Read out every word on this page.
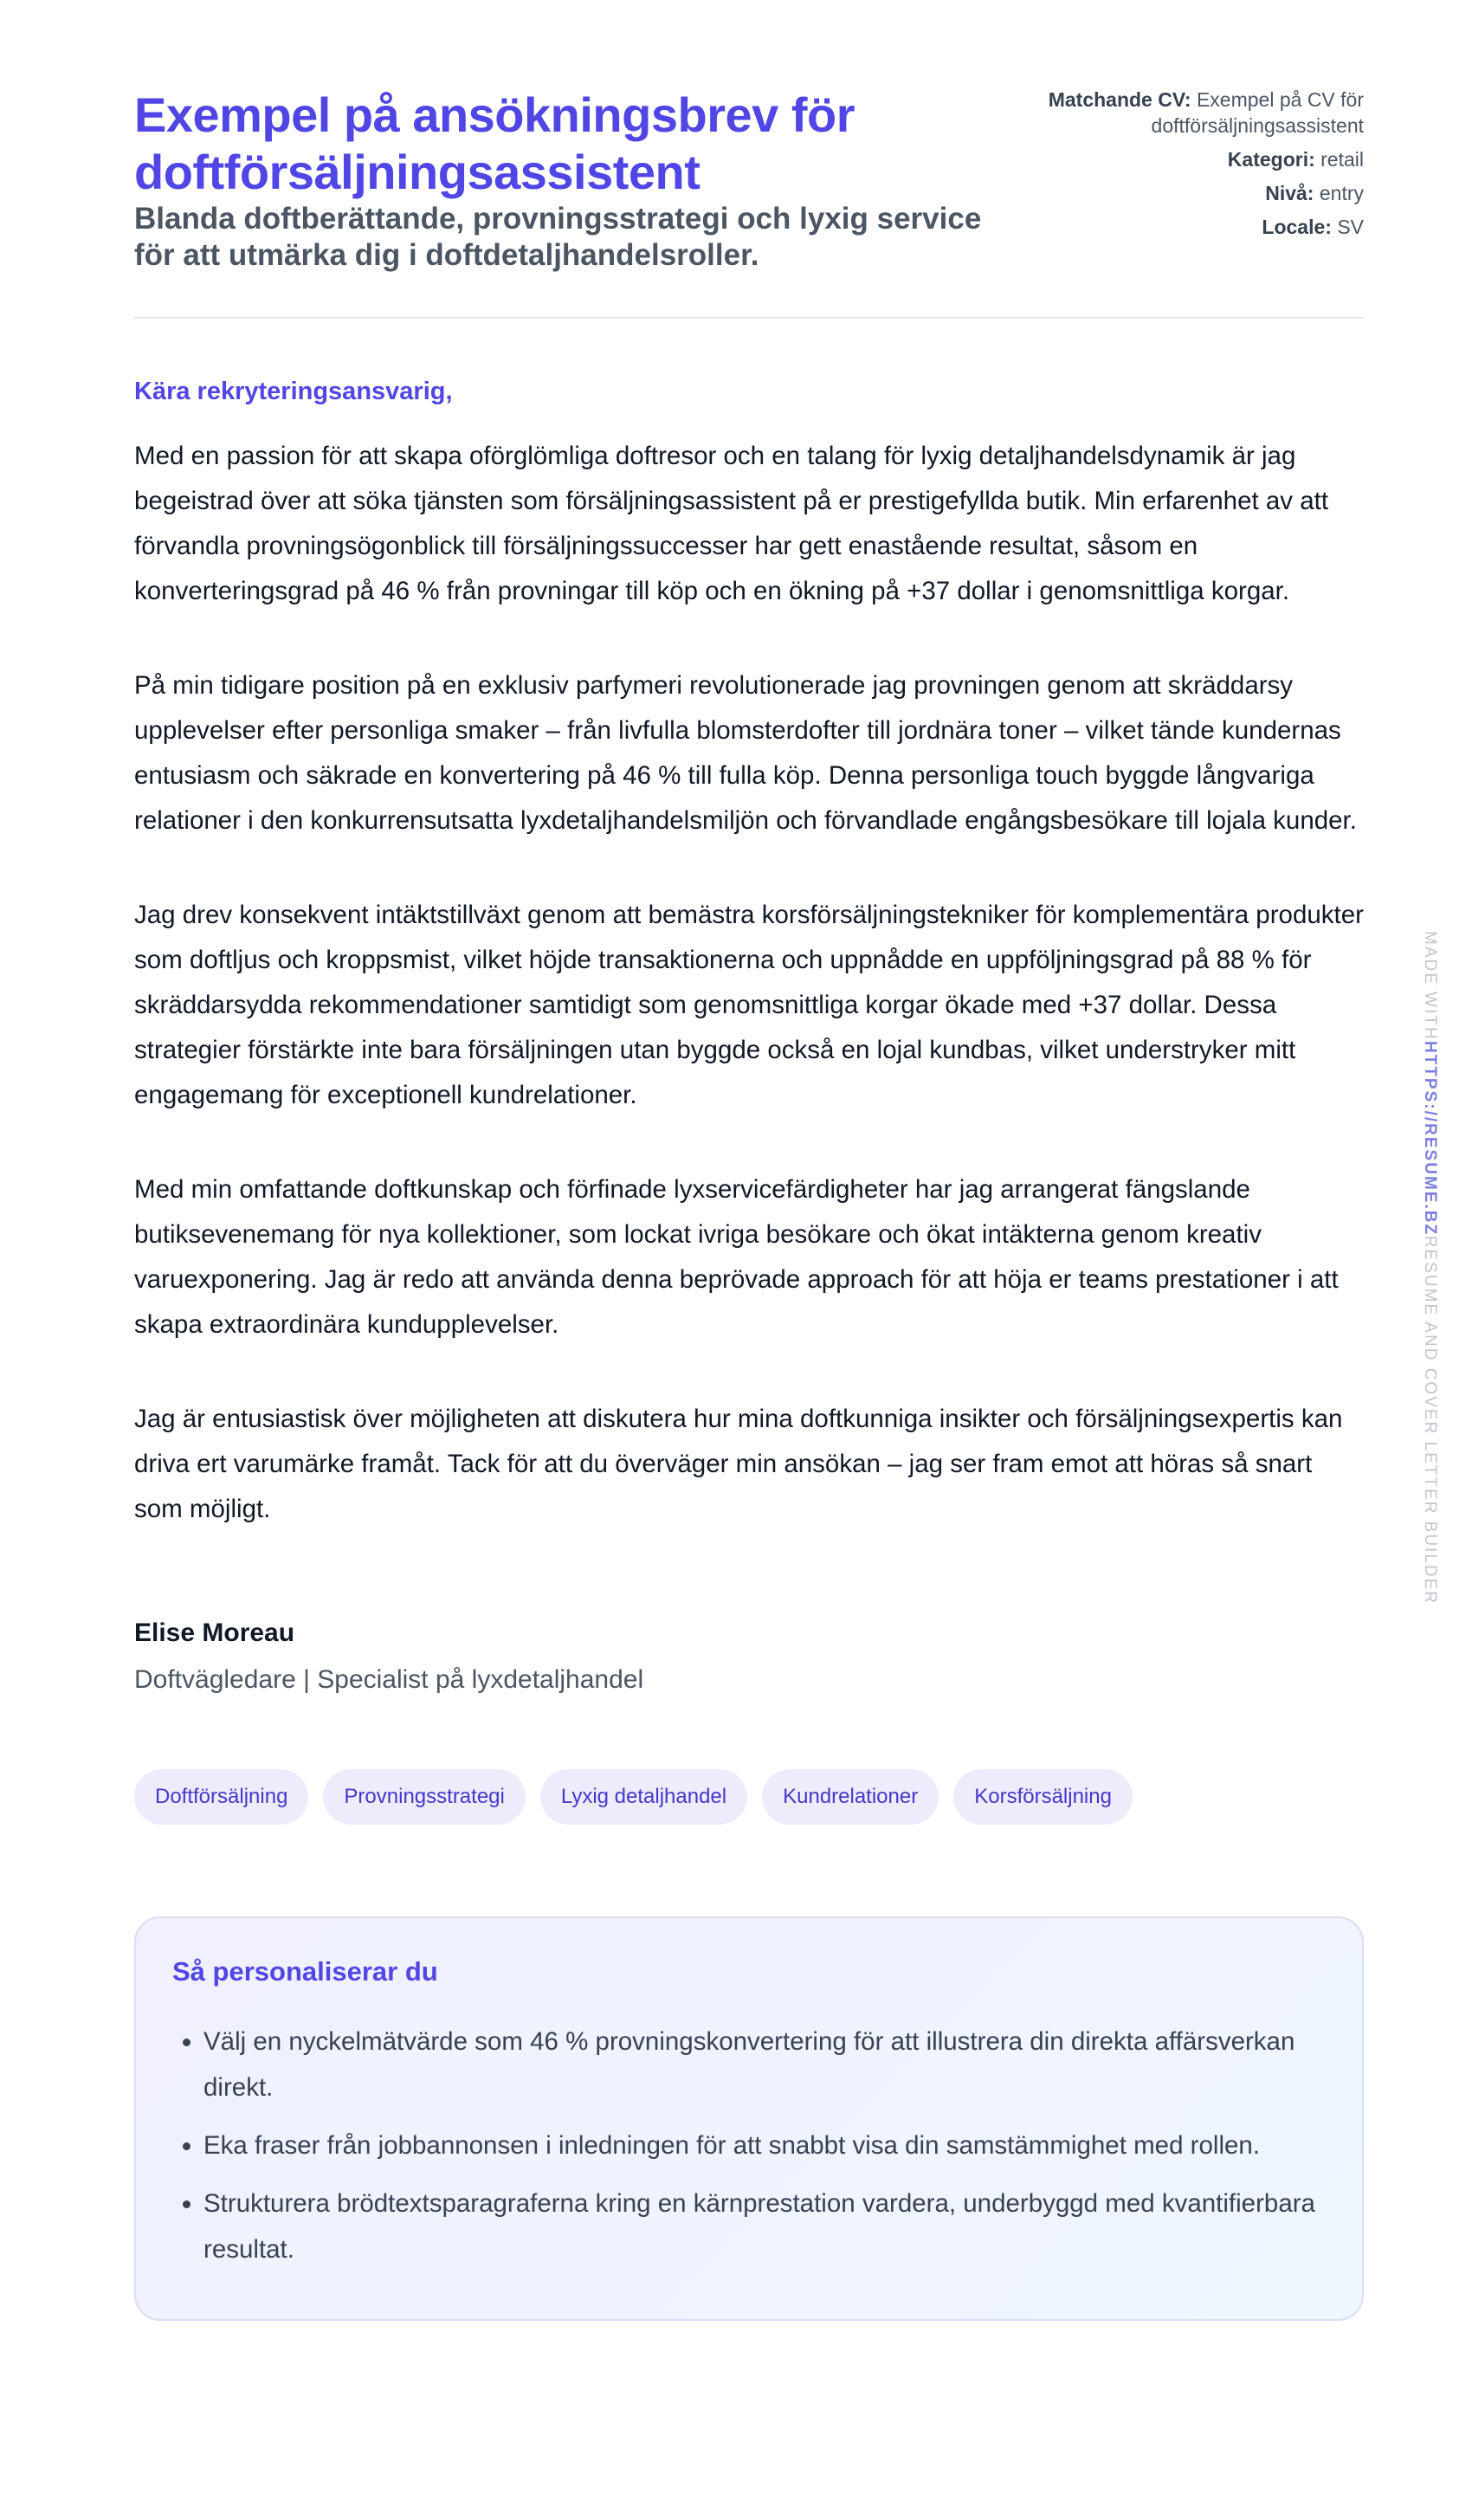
Exempel på ansökningsbrev för doftförsäljningsassistent

Blanda doftberättande, provningsstrategi och lyxig service för att utmärka dig i doftdetaljhandelsroller.

Matchande CV: Exempel på CV för doftförsäljningsassistent
Kategori: retail
Nivå: entry
Locale: SV
Kära rekryteringsansvarig,

Med en passion för att skapa oförglömliga doftresor och en talang för lyxig detaljhandelsdynamik är jag begeistrad över att söka tjänsten som försäljningsassistent på er prestigefyllda butik. Min erfarenhet av att förvandla provningsögonblick till försäljningssuccesser har gett enastående resultat, såsom en konverteringsgrad på 46 % från provningar till köp och en ökning på +37 dollar i genomsnittliga korgar.

På min tidigare position på en exklusiv parfymeri revolutionerade jag provningen genom att skräddarsy upplevelser efter personliga smaker – från livfulla blomsterdofter till jordnära toner – vilket tände kundernas entusiasm och säkrade en konvertering på 46 % till fulla köp. Denna personliga touch byggde långvariga relationer i den konkurrensutsatta lyxdetaljhandelsmiljön och förvandlade engångsbesökare till lojala kunder.

Jag drev konsekvent intäktstillväxt genom att bemästra korsförsäljningstekniker för komplementära produkter som doftljus och kroppsmist, vilket höjde transaktionerna och uppnådde en uppföljningsgrad på 88 % för skräddarsydda rekommendationer samtidigt som genomsnittliga korgar ökade med +37 dollar. Dessa strategier förstärkte inte bara försäljningen utan byggde också en lojal kundbas, vilket understryker mitt engagemang för exceptionell kundrelationer.

Med min omfattande doftkunskap och förfinade lyxservicefärdigheter har jag arrangerat fängslande butiksevenemang för nya kollektioner, som lockat ivriga besökare och ökat intäkterna genom kreativ varuexponering. Jag är redo att använda denna beprövade approach för att höja er teams prestationer i att skapa extraordinära kundupplevelser.

Jag är entusiastisk över möjligheten att diskutera hur mina doftkunniga insikter och försäljningsexpertis kan driva ert varumärke framåt. Tack för att du överväger min ansökan – jag ser fram emot att höras så snart som möjligt.

Elise Moreau
Doftvägledare | Specialist på lyxdetaljhandel
Doftförsäljning	Provningsstrategi	Lyxig detaljhandel	Kundrelationer	Korsförsäljning
Så personaliserar du
• Välj en nyckelmätvärde som 46 % provningskonvertering för att illustrera din direkta affärsverkan direkt.
• Eka fraser från jobbannonsen i inledningen för att snabbt visa din samstämmighet med rollen.
• Strukturera brödtextsparagraferna kring en kärnprestation vardera, underbyggd med kvantifierbara resultat.
MADE WITHHTTPS://RESUME.BZRESUME AND COVER LETTER BUILDER
